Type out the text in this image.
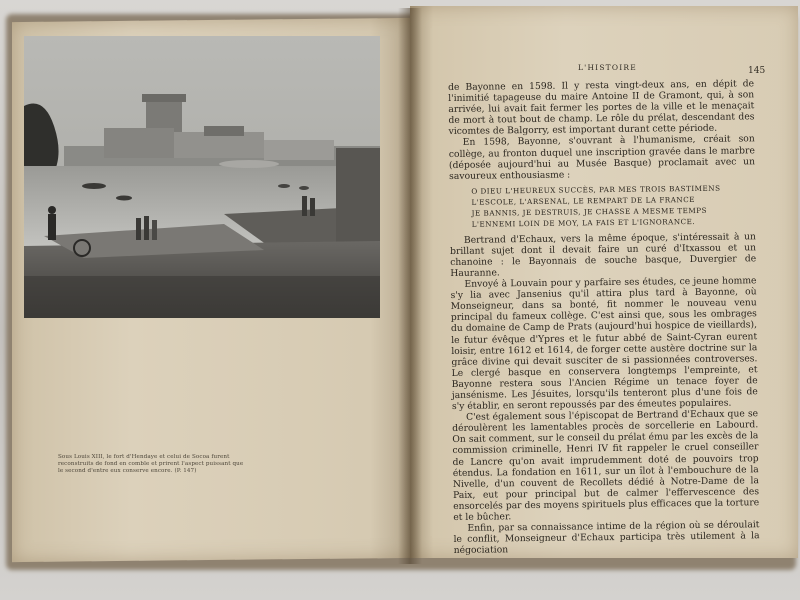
Sous Louis XIII, le fort d'Hendaye et celui de Socoa furent reconstruits de fond en comble et prirent l'aspect puissant que le second d'entre eux conserve encore. (P. 147)
L'HISTOIRE	145

de Bayonne en 1598. Il y resta vingt-deux ans, en dépit de l'inimitié tapageuse du maire Antoine II de Gramont, qui, à son arrivée, lui avait fait fermer les portes de la ville et le menaçait de mort à tout bout de champ. Le rôle du prélat, descendant des vicomtes de Balgorry, est important durant cette période.

En 1598, Bayonne, s'ouvrant à l'humanisme, créait son collège, au fronton duquel une inscription gravée dans le marbre (déposée aujourd'hui au Musée Basque) proclamait avec un savoureux enthousiasme :

O DIEU L'HEUREUX SUCCÈS, PAR MES TROIS BASTIMENS
L'ESCOLE, L'ARSENAL, LE REMPART DE LA FRANCE
JE BANNIS, JE DESTRUIS, JE CHASSE A MESME TEMPS
L'ENNEMI LOIN DE MOY, LA FAIS ET L'IGNORANCE.

Bertrand d'Echaux, vers la même époque, s'intéressait à un brillant sujet dont il devait faire un curé d'Itxassou et un chanoine : le Bayonnais de souche basque, Duvergier de Hauranne.

Envoyé à Louvain pour y parfaire ses études, ce jeune homme s'y lia avec Jansenius qu'il attira plus tard à Bayonne, où Monseigneur, dans sa bonté, fit nommer le nouveau venu principal du fameux collège. C'est ainsi que, sous les ombrages du domaine de Camp de Prats (aujourd'hui hospice de vieillards), le futur évêque d'Ypres et le futur abbé de Saint-Cyran eurent loisir, entre 1612 et 1614, de forger cette austère doctrine sur la grâce divine qui devait susciter de si passionnées controverses. Le clergé basque en conservera longtemps l'empreinte, et Bayonne restera sous l'Ancien Régime un tenace foyer de jansénisme. Les Jésuites, lorsqu'ils tenteront plus d'une fois de s'y établir, en seront repoussés par des émeutes populaires.

C'est également sous l'épiscopat de Bertrand d'Echaux que se déroulèrent les lamentables procès de sorcellerie en Labourd. On sait comment, sur le conseil du prélat ému par les excès de la commission criminelle, Henri IV fit rappeler le cruel conseiller de Lancre qu'on avait imprudemment doté de pouvoirs trop étendus. La fondation en 1611, sur un îlot à l'embouchure de la Nivelle, d'un couvent de Recollets dédié à Notre-Dame de la Paix, eut pour principal but de calmer l'effervescence des ensorcelés par des moyens spirituels plus efficaces que la torture et le bûcher.

Enfin, par sa connaissance intime de la région où se déroulait le conflit, Monseigneur d'Echaux participa très utilement à la négociation
